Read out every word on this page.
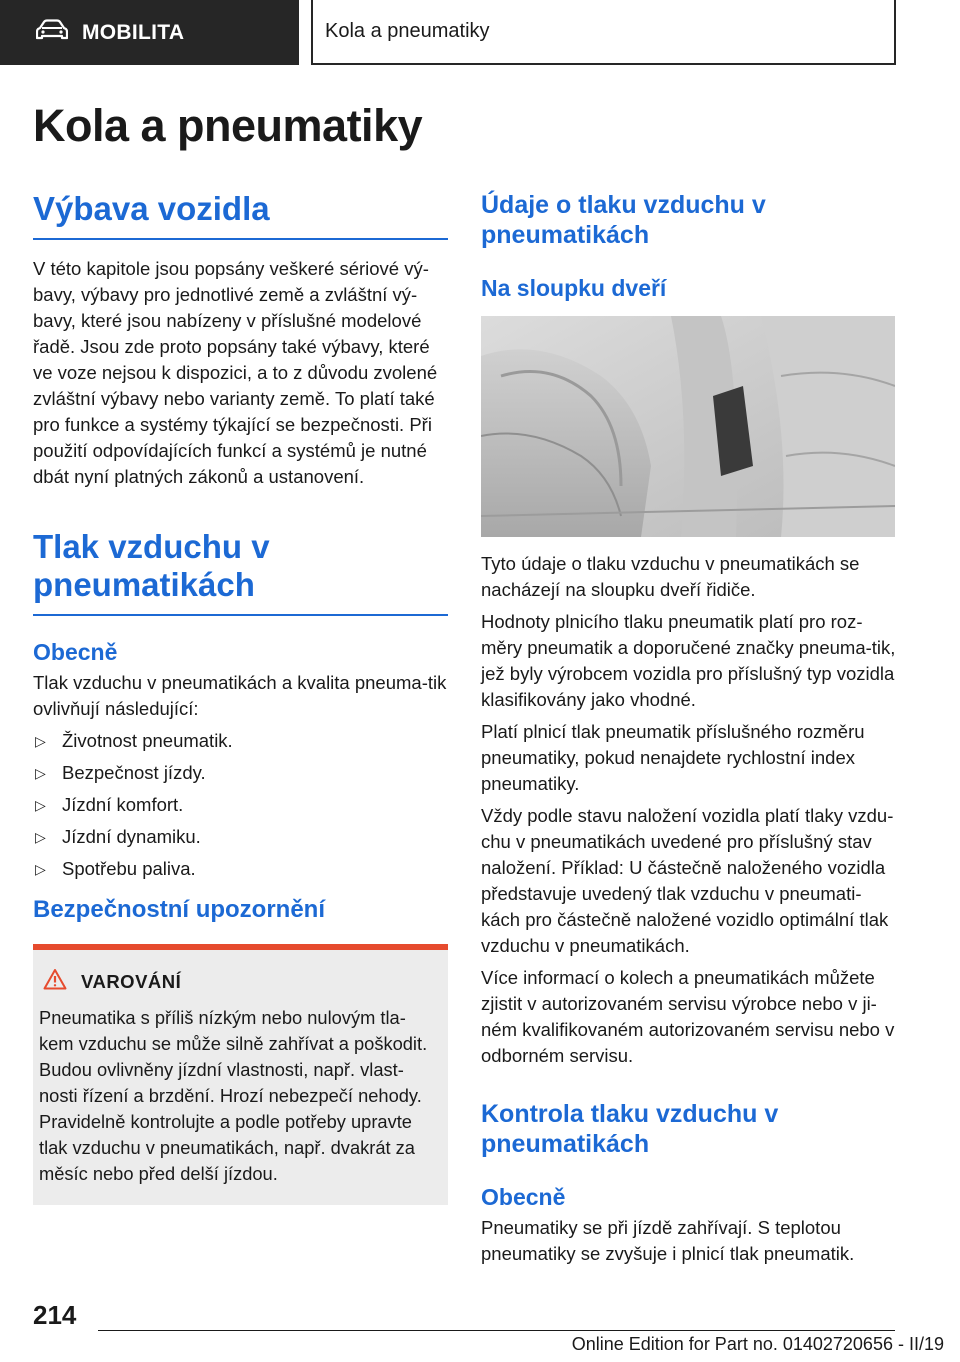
MOBILITA	Kola a pneumatiky
Kola a pneumatiky
Výbava vozidla

V této kapitole jsou popsány veškeré sériové vý‐bavy, výbavy pro jednotlivé země a zvláštní vý‐bavy, které jsou nabízeny v příslušné modelové řadě. Jsou zde proto popsány také výbavy, které ve voze nejsou k dispozici, a to z důvodu zvolené zvláštní výbavy nebo varianty země. To platí také pro funkce a systémy týkající se bezpečnosti. Při použití odpovídajících funkcí a systémů je nutné dbát nyní platných zákonů a ustanovení.

Tlak vzduchu v pneumatikách
Obecně

Tlak vzduchu v pneumatikách a kvalita pneuma‐tik ovlivňují následující:

▷ Životnost pneumatik.
▷ Bezpečnost jízdy.
▷ Jízdní komfort.
▷ Jízdní dynamiku.
▷ Spotřebu paliva.
Bezpečnostní upozornění
VAROVÁNÍ

Pneumatika s příliš nízkým nebo nulovým tla‐kem vzduchu se může silně zahřívat a poškodit. Budou ovlivněny jízdní vlastnosti, např. vlast‐nosti řízení a brzdění. Hrozí nebezpečí nehody. Pravidelně kontrolujte a podle potřeby upravte tlak vzduchu v pneumatikách, např. dvakrát za měsíc nebo před delší jízdou.

Údaje o tlaku vzduchu v pneumatikách
Na sloupku dveří

Tyto údaje o tlaku vzduchu v pneumatikách se nacházejí na sloupku dveří řidiče.

Hodnoty plnicího tlaku pneumatik platí pro roz‐měry pneumatik a doporučené značky pneuma‐tik, jež byly výrobcem vozidla pro příslušný typ vozidla klasifikovány jako vhodné.

Platí plnicí tlak pneumatik příslušného rozměru pneumatiky, pokud nenajdete rychlostní index pneumatiky.

Vždy podle stavu naložení vozidla platí tlaky vzdu‐chu v pneumatikách uvedené pro příslušný stav naložení. Příklad: U částečně naloženého vozidla představuje uvedený tlak vzduchu v pneumati‐kách pro částečně naložené vozidlo optimální tlak vzduchu v pneumatikách.

Více informací o kolech a pneumatikách můžete zjistit v autorizovaném servisu výrobce nebo v ji‐ném kvalifikovaném autorizovaném servisu nebo v odborném servisu.

Kontrola tlaku vzduchu v pneumatikách
Obecně

Pneumatiky se při jízdě zahřívají. S teplotou pneumatiky se zvyšuje i plnicí tlak pneumatik.

214
Online Edition for Part no. 01402720656 - II/19
